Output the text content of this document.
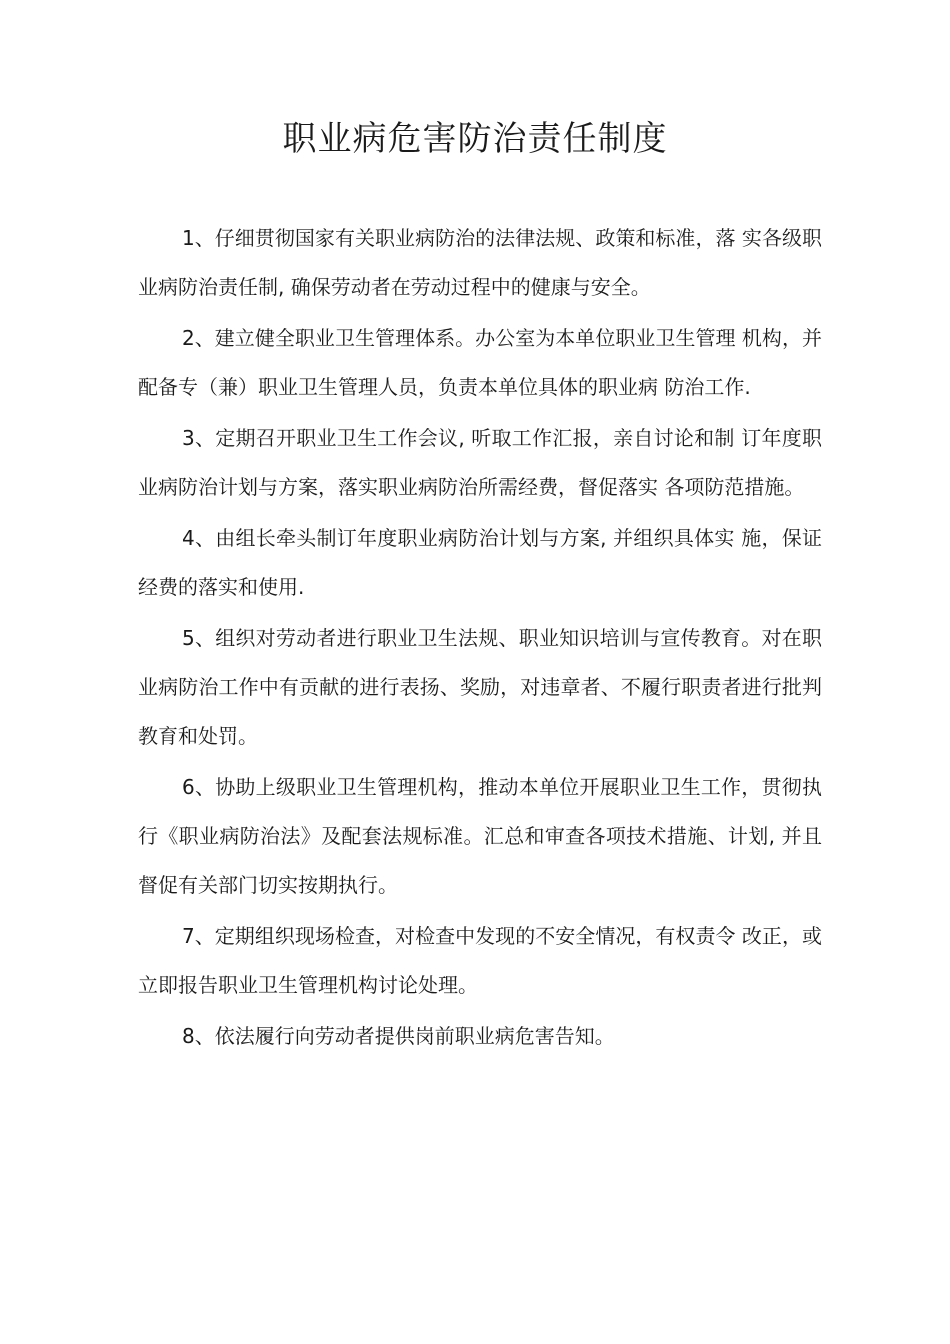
职业病危害防治责任制度

1、仔细贯彻国家有关职业病防治的法律法规、政策和标准，落 实各级职业病防治责任制, 确保劳动者在劳动过程中的健康与安全。

2、建立健全职业卫生管理体系。办公室为本单位职业卫生管理 机构，并配备专（兼）职业卫生管理人员，负责本单位具体的职业病 防治工作.

3、定期召开职业卫生工作会议, 听取工作汇报，亲自讨论和制 订年度职业病防治计划与方案，落实职业病防治所需经费，督促落实 各项防范措施。

4、由组长牵头制订年度职业病防治计划与方案, 并组织具体实 施，保证经费的落实和使用.

5、组织对劳动者进行职业卫生法规、职业知识培训与宣传教育。对在职业病防治工作中有贡献的进行表扬、奖励，对违章者、不履行职责者进行批判教育和处罚。

6、协助上级职业卫生管理机构，推动本单位开展职业卫生工作，贯彻执行《职业病防治法》及配套法规标准。汇总和审查各项技术措施、计划, 并且督促有关部门切实按期执行。

7、定期组织现场检查，对检查中发现的不安全情况，有权责令 改正，或立即报告职业卫生管理机构讨论处理。

8、依法履行向劳动者提供岗前职业病危害告知。
